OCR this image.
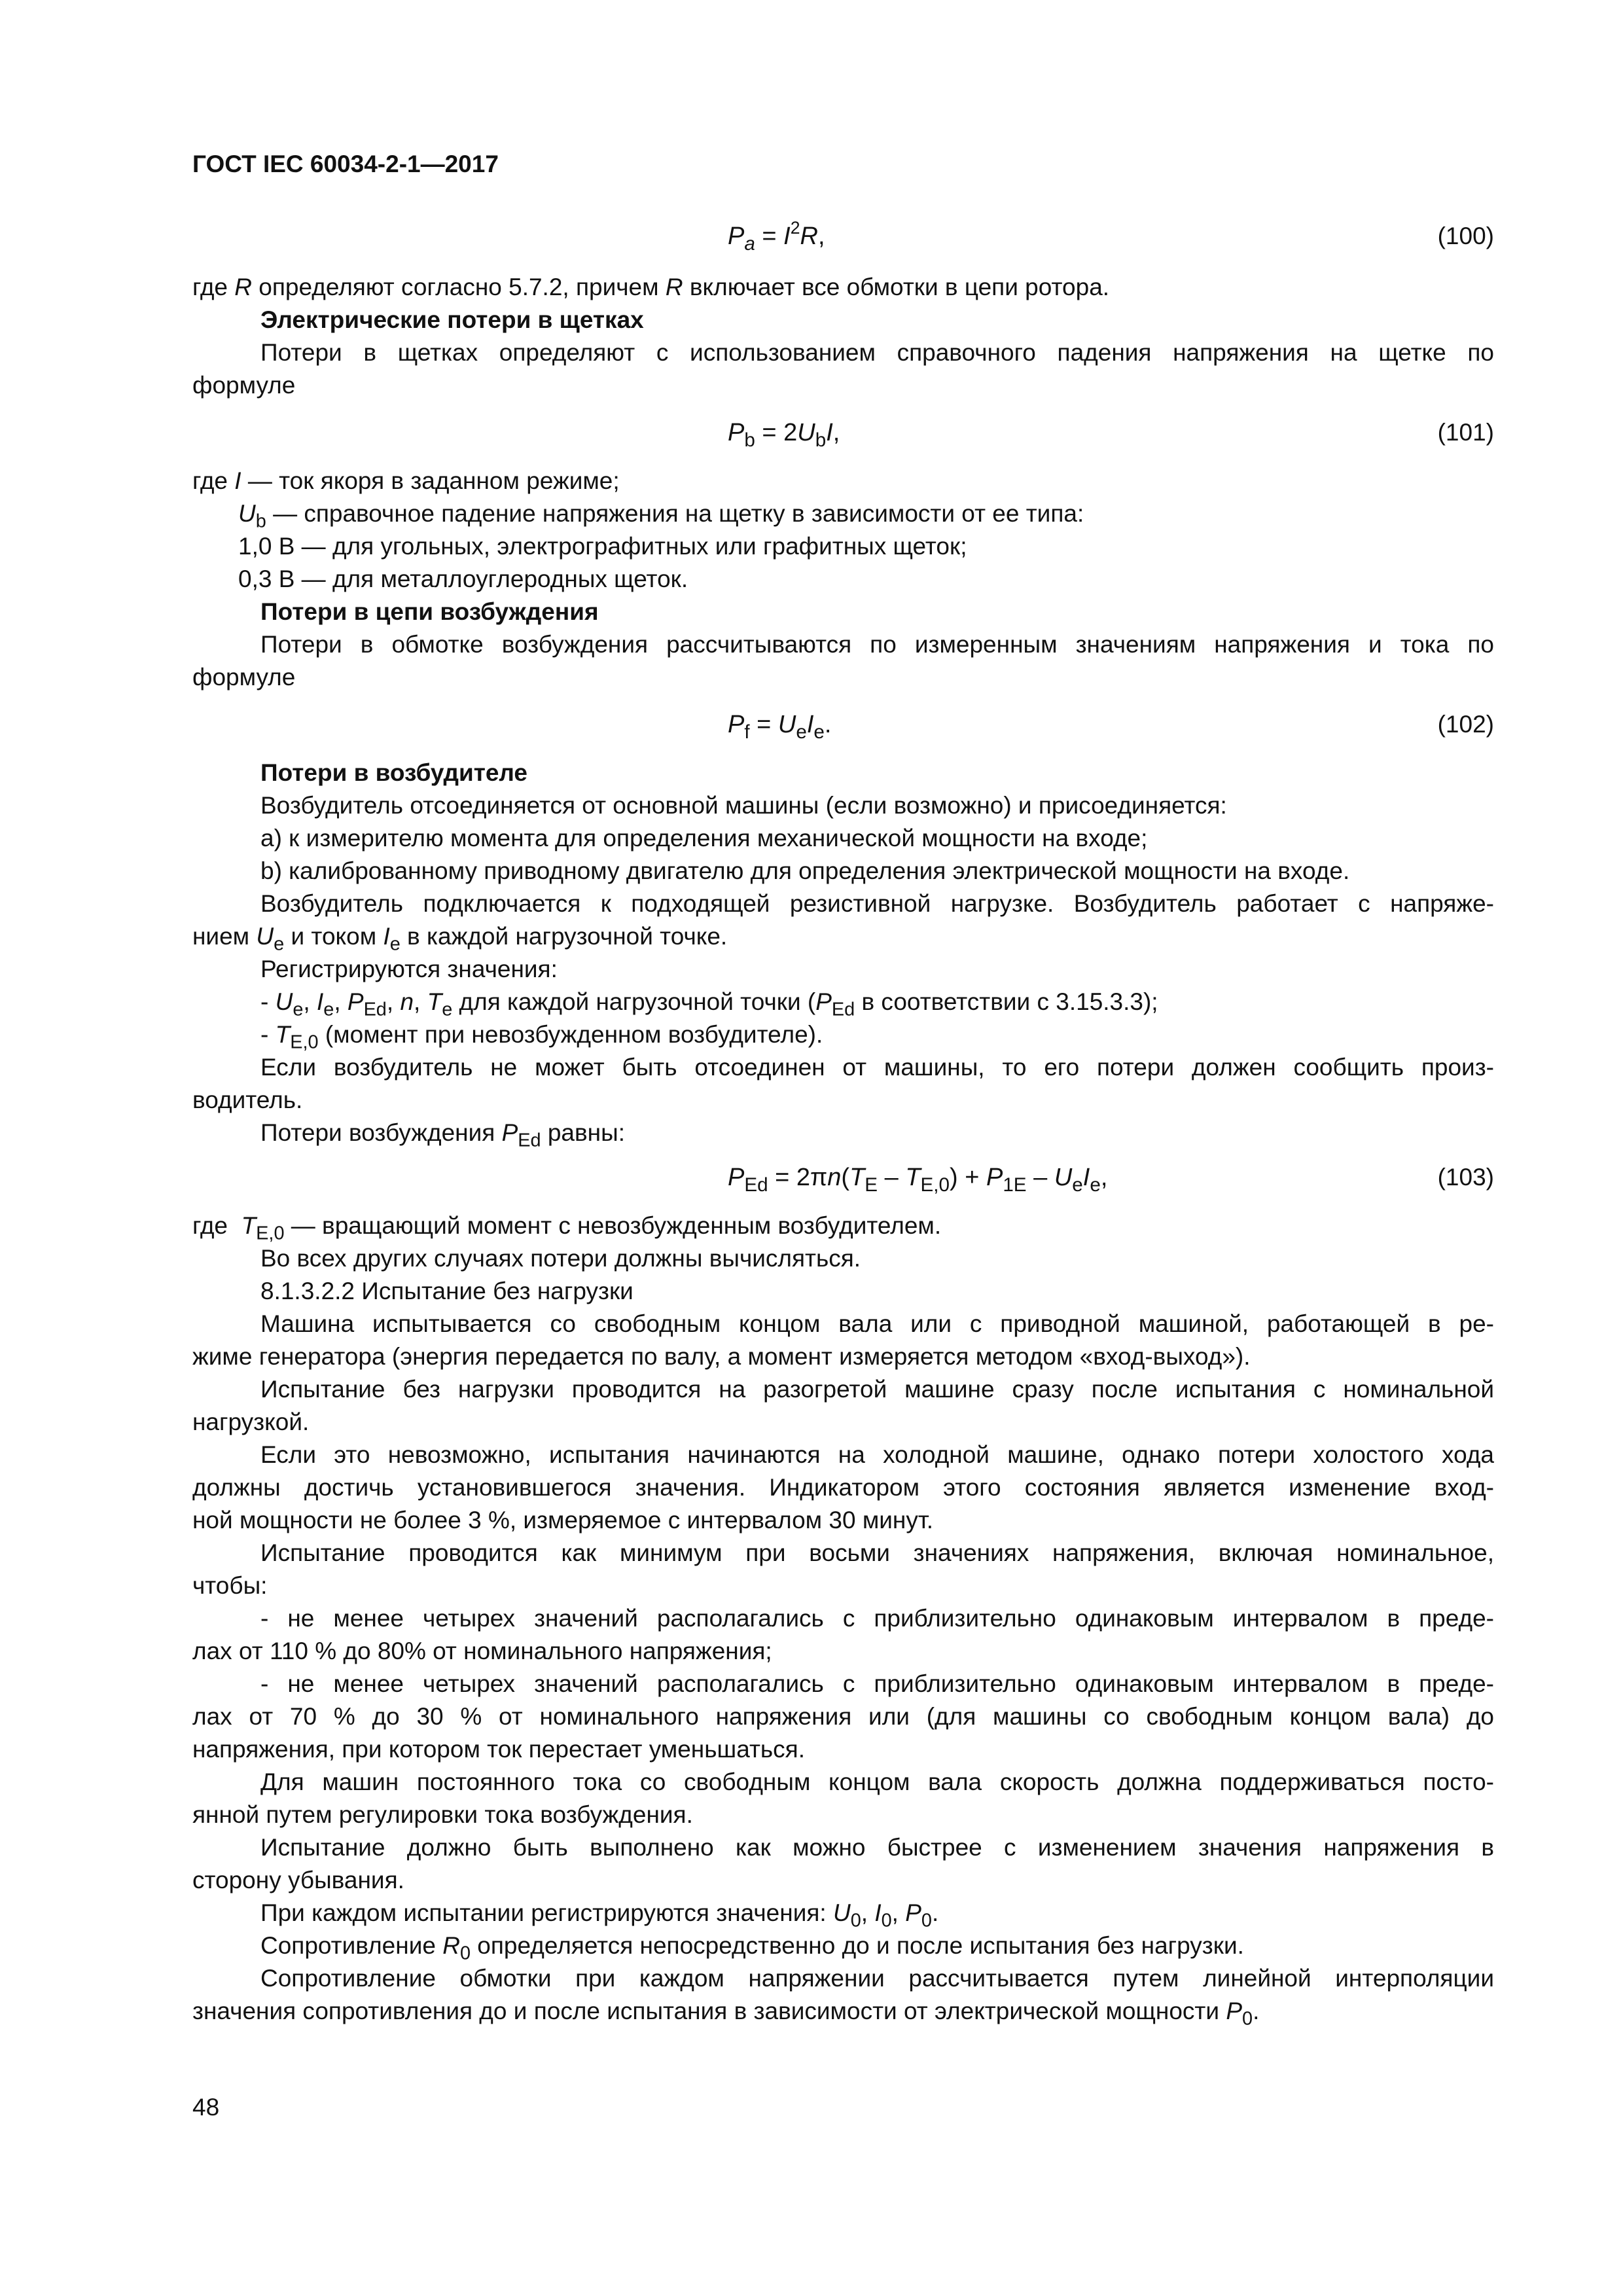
ГОСТ IEC 60034-2-1—2017
$P_a = I^2R$,	(100)
где R определяют согласно 5.7.2, причем R включает все обмотки в цепи ротора.
Электрические потери в щетках
Потери в щетках определяют с использованием справочного падения напряжения на щетке по
формуле
$P_b = 2U_bI$,	(101)
где I — ток якоря в заданном режиме;
$U_b$ — справочное падение напряжения на щетку в зависимости от ее типа:
1,0 В — для угольных, электрографитных или графитных щеток;
0,3 В — для металлоуглеродных щеток.
Потери в цепи возбуждения
Потери в обмотке возбуждения рассчитываются по измеренным значениям напряжения и тока по
формуле
$P_f = U_eI_e$.	(102)
Потери в возбудителе
Возбудитель отсоединяется от основной машины (если возможно) и присоединяется:
a) к измерителю момента для определения механической мощности на входе;
b) калиброванному приводному двигателю для определения электрической мощности на входе.
Возбудитель подключается к подходящей резистивной нагрузке. Возбудитель работает с напряже-
нием $U_e$ и током $I_e$ в каждой нагрузочной точке.
Регистрируются значения:
- $U_e$, $I_e$, $P_{Ed}$, n, $T_e$ для каждой нагрузочной точки ($P_{Ed}$ в соответствии с 3.15.3.3);
- $T_{E,0}$ (момент при невозбужденном возбудителе).
Если возбудитель не может быть отсоединен от машины, то его потери должен сообщить произ-
водитель.
Потери возбуждения $P_{Ed}$ равны:
$P_{Ed} = 2\pi n(T_E - T_{E,0}) + P_{1E} - U_eI_e$,	(103)
где  $T_{E,0}$ — вращающий момент с невозбужденным возбудителем.
Во всех других случаях потери должны вычисляться.
8.1.3.2.2 Испытание без нагрузки
Машина испытывается со свободным концом вала или с приводной машиной, работающей в ре-
жиме генератора (энергия передается по валу, а момент измеряется методом «вход-выход»).
Испытание без нагрузки проводится на разогретой машине сразу после испытания с номинальной
нагрузкой.
Если это невозможно, испытания начинаются на холодной машине, однако потери холостого хода
должны достичь установившегося значения. Индикатором этого состояния является изменение вход-
ной мощности не более 3 %, измеряемое с интервалом 30 минут.
Испытание проводится как минимум при восьми значениях напряжения, включая номинальное,
чтобы:
- не менее четырех значений располагались с приблизительно одинаковым интервалом в преде-
лах от 110 % до 80% от номинального напряжения;
- не менее четырех значений располагались с приблизительно одинаковым интервалом в преде-
лах от 70 % до 30 % от номинального напряжения или (для машины со свободным концом вала) до
напряжения, при котором ток перестает уменьшаться.
Для машин постоянного тока со свободным концом вала скорость должна поддерживаться посто-
янной путем регулировки тока возбуждения.
Испытание должно быть выполнено как можно быстрее с изменением значения напряжения в
сторону убывания.
При каждом испытании регистрируются значения: $U_0$, $I_0$, $P_0$.
Сопротивление $R_0$ определяется непосредственно до и после испытания без нагрузки.
Сопротивление обмотки при каждом напряжении рассчитывается путем линейной интерполяции
значения сопротивления до и после испытания в зависимости от электрической мощности $P_0$.
48
